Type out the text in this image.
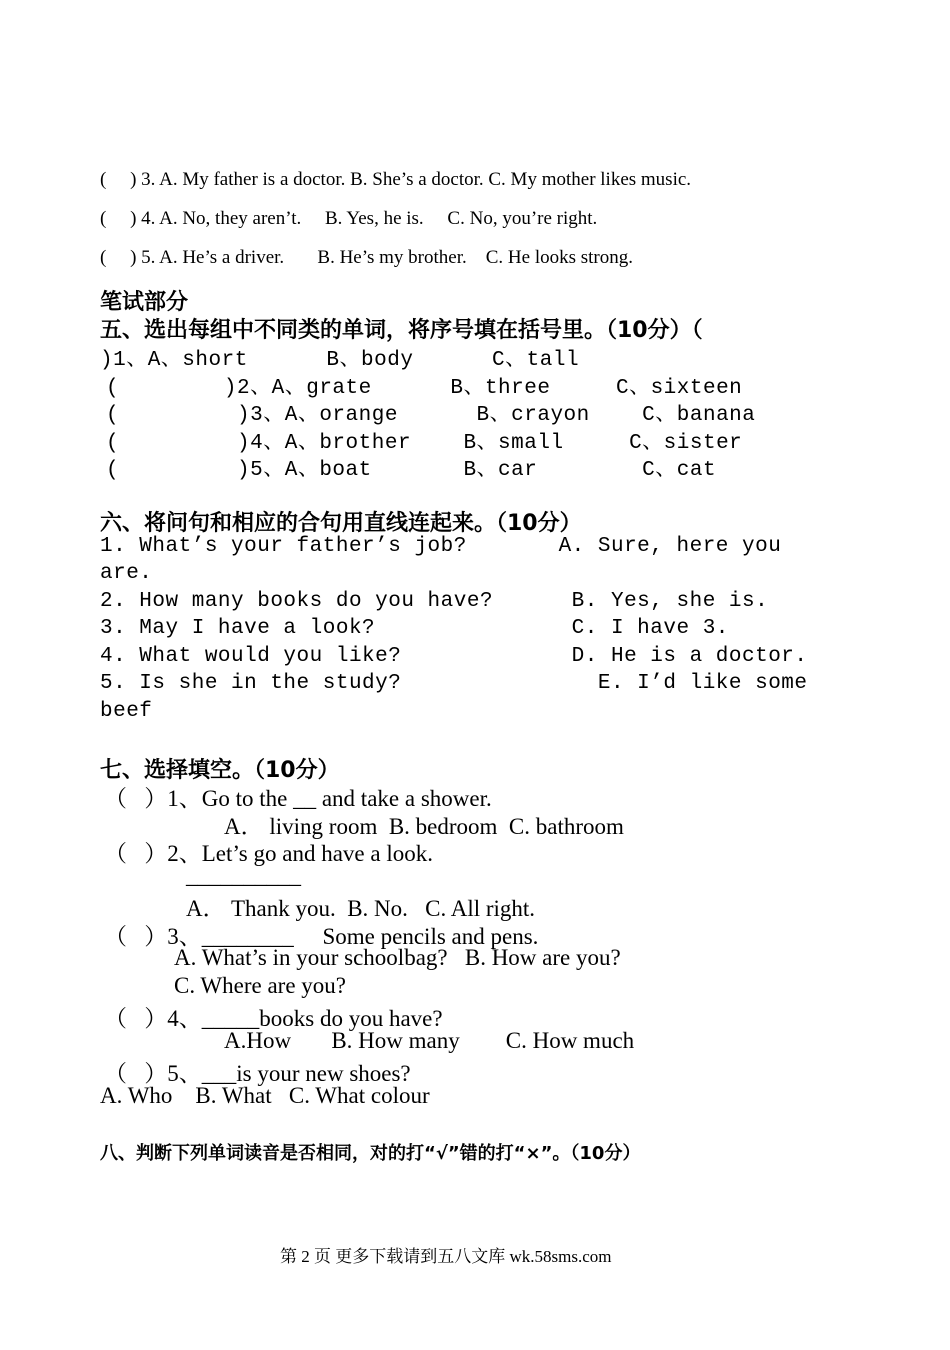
(     ) 3. A. My father is a doctor. B. She’s a doctor. C. My mother likes music.
(     ) 4. A. No, they aren’t.     B. Yes, he is.     C. No, you’re right.
(     ) 5. A. He’s a driver.       B. He’s my brother.    C. He looks strong.
笔试部分
五、选出每组中不同类的单词，将序号填在括号里。（10分）（
)1、A、short      B、body      C、tall
(        )2、A、grate      B、three     C、sixteen
(         )3、A、orange      B、crayon    C、banana
(         )4、A、brother    B、small     C、sister
(         )5、A、boat       B、car        C、cat
六、将问句和相应的合句用直线连起来。（10分）
1. What’s your father’s job?       A. Sure, here you
are.
2. How many books do you have?      B. Yes, she is.
3. May I have a look?               C. I have 3.
4. What would you like?             D. He is a doctor.
5. Is she in the study?               E. I’d like some
beef
七、选择填空。（10分）
（   ）1、Go to the __ and take a shower.
A． living room  B. bedroom  C. bathroom
（   ）2、Let’s go and have a look.
__________
A． Thank you.  B. No.   C. All right.
（   ）3、________     Some pencils and pens.
A. What’s in your schoolbag?   B. How are you?
C. Where are you?
（   ）4、_____books do you have?
A.How       B. How many        C. How much
（   ）5、___is your new shoes?
A. Who    B. What   C. What colour
八、判断下列单词读音是否相同，对的打“√”错的打“×”。（10分）
第 2 页 更多下载请到五八文库 wk.58sms.com
